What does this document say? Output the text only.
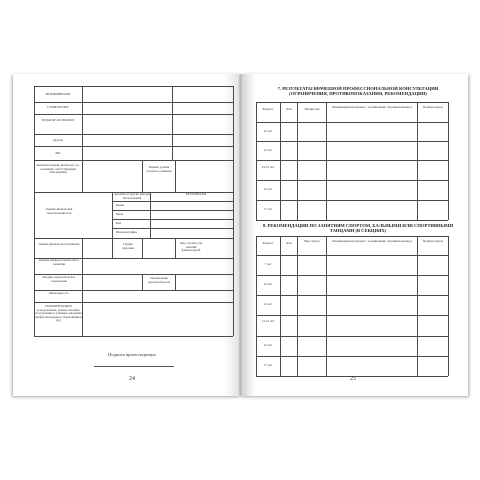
ЭНДОКРИНОЛОГ
СТОМАТОЛОГ
ПЕДАГОГ-ПСИХОЛОГ
Другие
ЭКГ
Заключительный диагноз (в т.ч., основной, сопутствующие заболевания)
Оценка уровня полового развития
РЕЗУЛЬТАТЫ
Анализы и другие методы обследования
Кровь
Моча
Кал
Флюорография
Оценка физической подготовленности
Оценка физического развития	Группа здоровья
Мед. группа для занятий физкультурой
Оценка нервно-психического развития
Медико-педагогическое заключение
Ограничение дееспособности
Инвалидность
РЕКОМЕНДАЦИИ (оздоровление, режим, питание, поступление в учебные заведения профессионального образования и др.)
Подпись врача-педиатра
24
7. РЕЗУЛЬТАТЫ ВРАЧЕБНОЙ ПРОФЕССИОНАЛЬНОЙ КОНСУЛЬТАЦИИ (ОГРАНИЧЕНИЯ, ПРОТИВОПОКАЗАНИЯ, РЕКОМЕНДАЦИИ)
Возраст	Дата	Профессия	Рекомендации (показано / ограничения / противопоказано)	Подпись врача
10 лет
12 лет
14-15 лет
16 лет
17 лет
8. РЕКОМЕНДАЦИИ ПО ЗАНЯТИЯМ СПОРТОМ, БАЛЬНЫМИ ИЛИ СПОРТИВНЫМИ ТАНЦАМИ (В СЕКЦИЯХ)
Возраст	Дата	Вид спорта	Рекомендации (показано / ограничения / противопоказано)	Подпись врача
7 лет
10 лет
12 лет
14-15 лет
16 лет
17 лет
25
